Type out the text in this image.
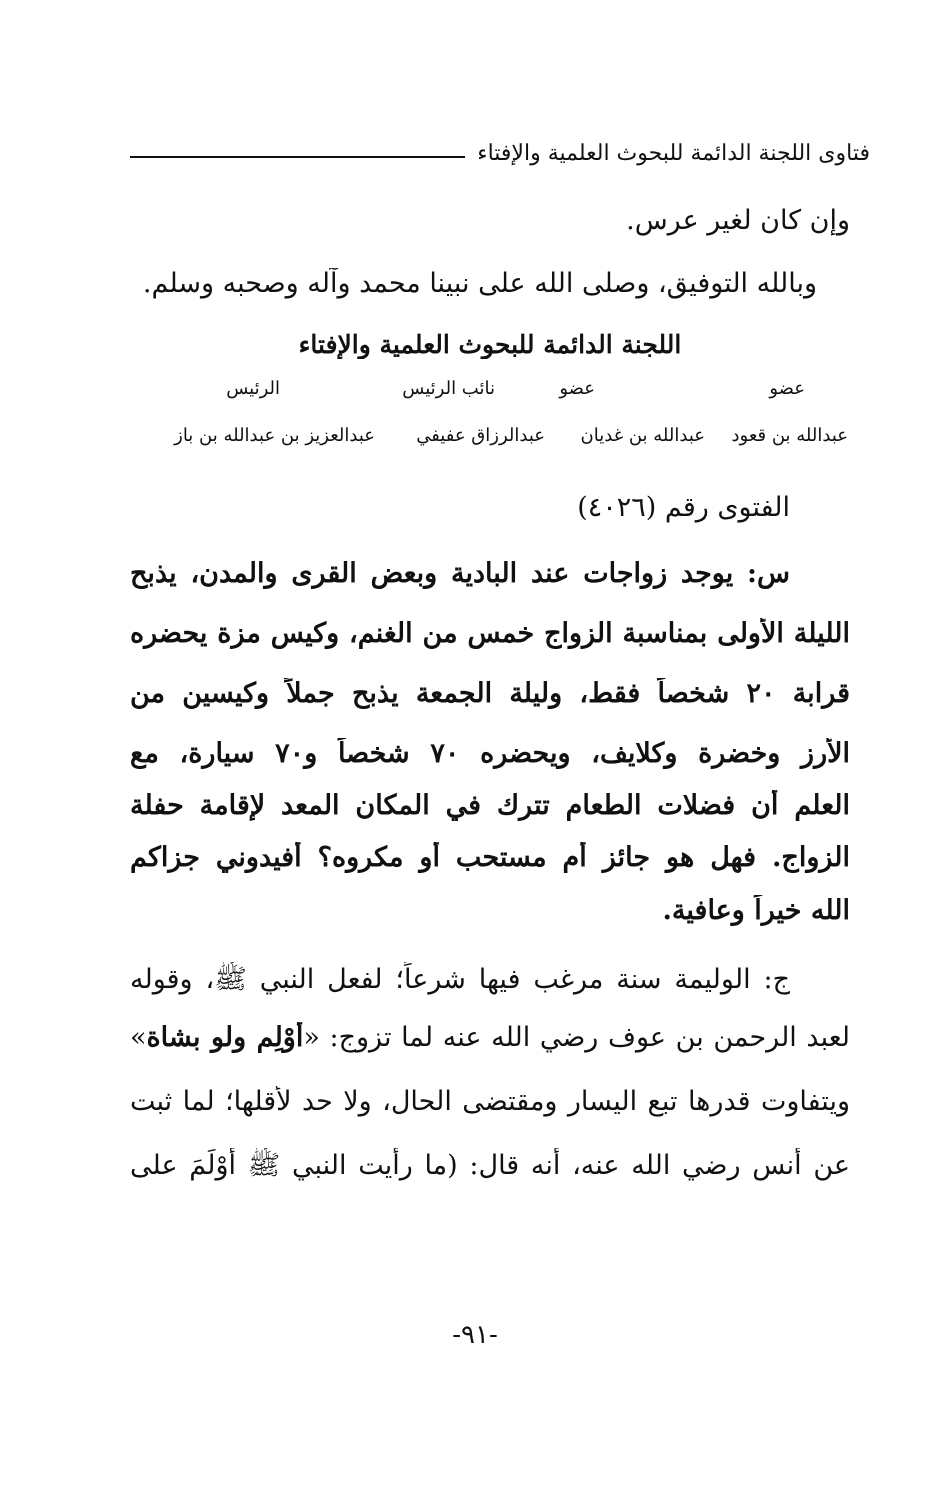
فتاوى اللجنة الدائمة للبحوث العلمية والإفتاء
وإن كان لغير عرس.
وبالله التوفيق، وصلى الله على نبينا محمد وآله وصحبه وسلم.
اللجنة الدائمة للبحوث العلمية والإفتاء
عضو
عضو
نائب الرئيس
الرئيس
عبدالله بن قعود
عبدالله بن غديان
عبدالرزاق عفيفي
عبدالعزيز بن عبدالله بن باز
الفتوى رقم (٤٠٢٦)
س: يوجد زواجات عند البادية وبعض القرى والمدن، يذبح
الليلة الأولى بمناسبة الزواج خمس من الغنم، وكيس مزة يحضره
قرابة ٢٠ شخصاً فقط، وليلة الجمعة يذبح جملاً وكيسين من
الأرز وخضرة وكلايف، ويحضره ٧٠ شخصاً و٧٠ سيارة، مع
العلم أن فضلات الطعام تترك في المكان المعد لإقامة حفلة
الزواج. فهل هو جائز أم مستحب أو مكروه؟ أفيدوني جزاكم
الله خيراً وعافية.
ج: الوليمة سنة مرغب فيها شرعاً؛ لفعل النبي ﷺ، وقوله
لعبد الرحمن بن عوف رضي الله عنه لما تزوج: «أَوْلِم ولو بشاة»
ويتفاوت قدرها تبع اليسار ومقتضى الحال، ولا حد لأقلها؛ لما ثبت
عن أنس رضي الله عنه، أنه قال: (ما رأيت النبي ﷺ أَوْلَمَ على
-٩١-
